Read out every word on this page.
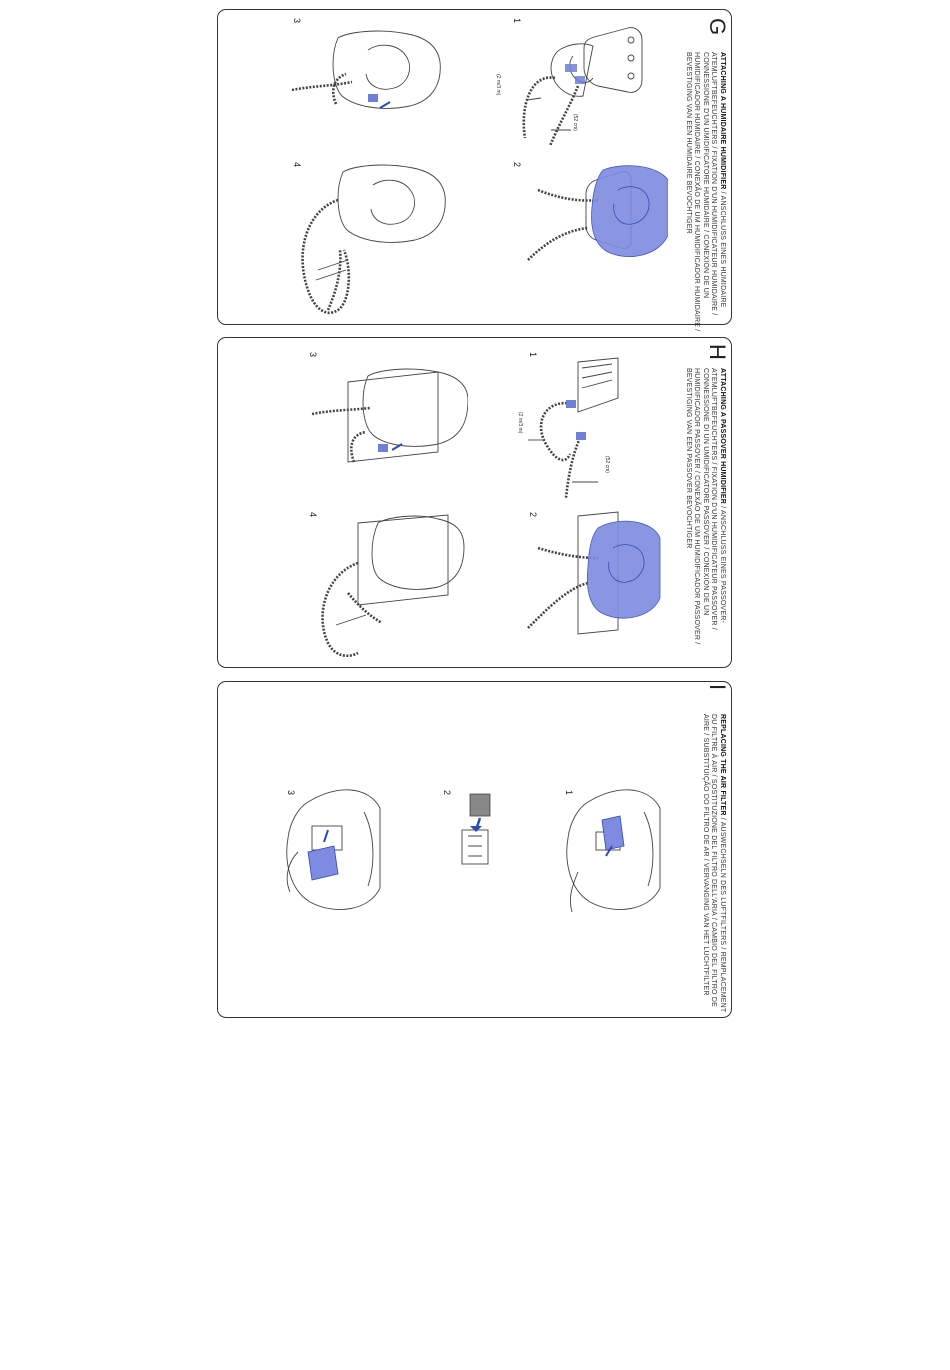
G
ATTACHING A HUMIDAIRE HUMIDIFIER / ANSCHLUSS EINES HUMIDAIRE ATEMLUFTBEFEUCHTERS / FIXATION D'UN HUMIDIFICATEUR HUMIDAIRE / CONNESSIONE D'UN UMIDIFICATORE HUMIDAIRE / CONEXIÓN DE UN HUMIDIFICADOR HUMIDAIRE / CONEXÃO DE UM HUMIDIFICADOR HUMIDAIRE / BEVESTIGING VAN EEN HUMIDAIRE BEVOCHTIGER
1
2
3
4
(52 cm)
(2 m/3 m)
H
ATTACHING A PASSOVER HUMIDIFIER / ANSCHLUSS EINES PASSOVER-ATEMLUFTBEFEUCHTERS / FIXATION D'UN HUMIDIFICATEUR PASSOVER / CONNESSIONE DI UN UMIDIFICATORE PASSOVER / CONEXIÓN DE UN HUMIDIFICADOR PASSOVER / CONEXÃO DE UM HUMIDIFICADOR PASSOVER / BEVESTIGING VAN EEN PASSOVER BEVOCHTIGER
1
2
3
4
(52 cm)
(2 m/3 m)
I
REPLACING THE AIR FILTER / AUSWECHSELN DES LUFTFILTERS / REMPLACEMENT DU FILTRE À AIR / SOSTITUZIONE DEL FILTRO DELL'ARIA / CAMBIO DEL FILTRO DE AIRE / SUBSTITUIÇÃO DO FILTRO DE AR / VERVANGING VAN HET LUCHTFILTER
1
2
3
